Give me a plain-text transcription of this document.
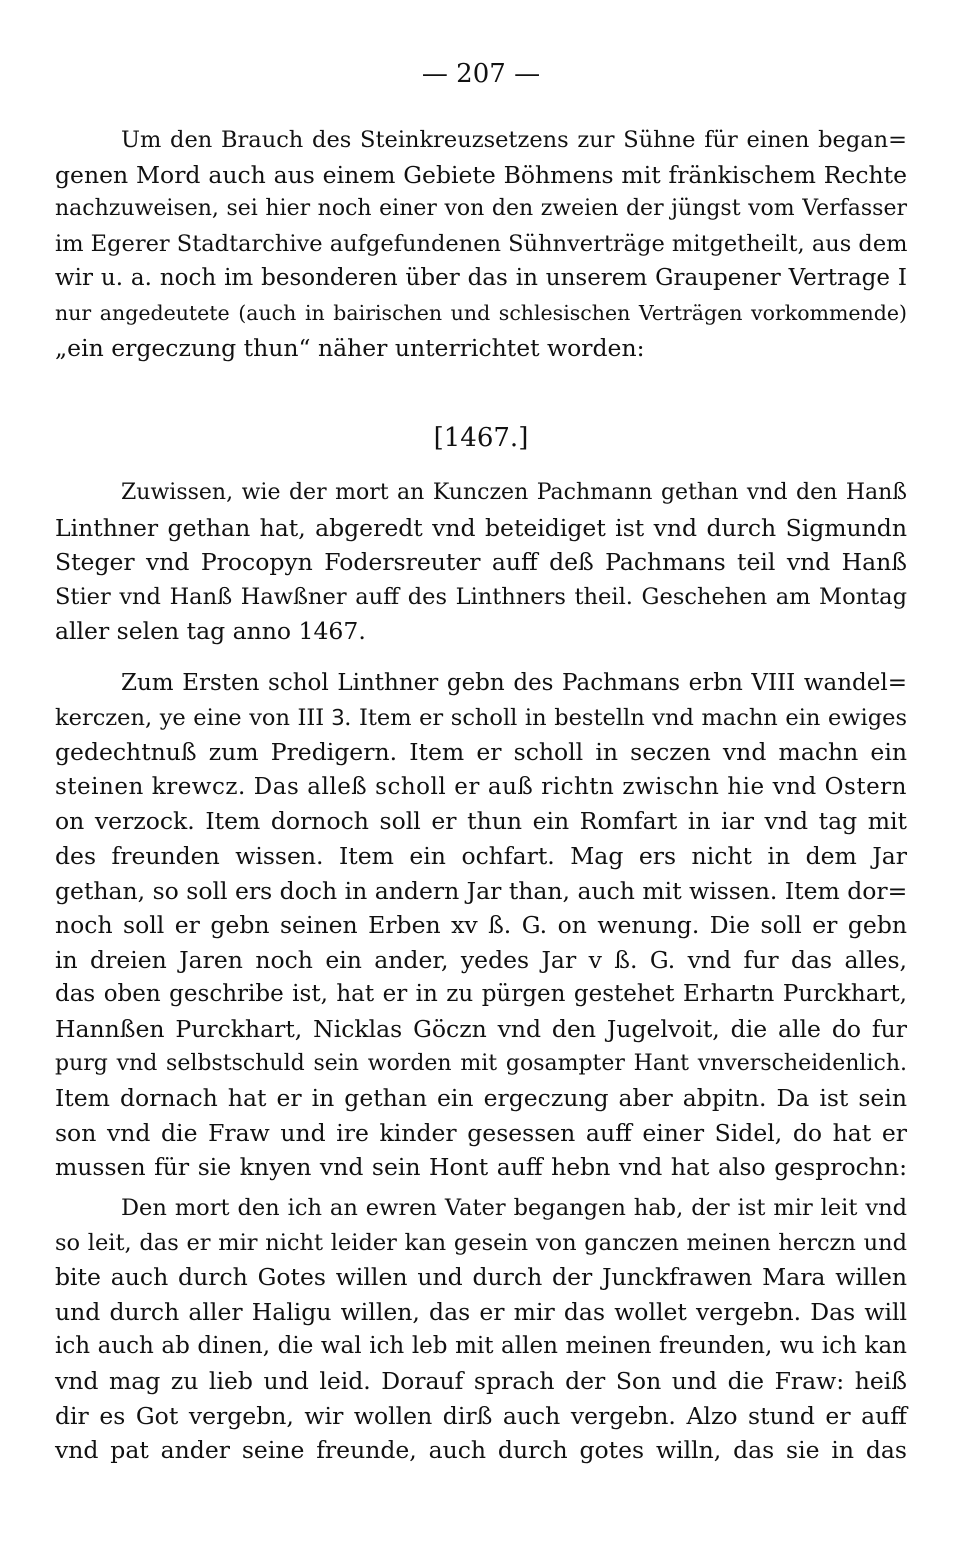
— 207 —
Um den Brauch des Steinkreuzsetzens zur Sühne für einen began=
genen Mord auch aus einem Gebiete Böhmens mit fränkischem Rechte
nachzuweisen, sei hier noch einer von den zweien der jüngst vom Verfasser
im Egerer Stadtarchive aufgefundenen Sühnverträge mitgetheilt, aus dem
wir u. a. noch im besonderen über das in unserem Graupener Vertrage I
nur angedeutete (auch in bairischen und schlesischen Verträgen vorkommende)
„ein ergeczung thun“ näher unterrichtet worden:
[1467.]
Zuwissen, wie der mort an Kunczen Pachmann gethan vnd den Hanß
Linthner gethan hat, abgeredt vnd beteidiget ist vnd durch Sigmundn
Steger vnd Procopyn Fodersreuter auff deß Pachmans teil vnd Hanß
Stier vnd Hanß Hawßner auff des Linthners theil. Geschehen am Montag
aller selen tag anno 1467.
Zum Ersten schol Linthner gebn des Pachmans erbn VIII wandel=
kerczen, ye eine von III Ꝫ. Item er scholl in bestelln vnd machn ein ewiges
gedechtnuß zum Predigern. Item er scholl in seczen vnd machn ein
steinen krewcz. Das alleß scholl er auß richtn zwischn hie vnd Ostern
on verzock. Item dornoch soll er thun ein Romfart in iar vnd tag mit
des freunden wissen. Item ein ochfart. Mag ers nicht in dem Jar
gethan, so soll ers doch in andern Jar than, auch mit wissen. Item dor=
noch soll er gebn seinen Erben xv ß. G. on wenung. Die soll er gebn
in dreien Jaren noch ein ander, yedes Jar v ß. G. vnd fur das alles,
das oben geschribe ist, hat er in zu pürgen gestehet Erhartn Purckhart,
Hannßen Purckhart, Nicklas Göczn vnd den Jugelvoit, die alle do fur
purg vnd selbstschuld sein worden mit gosampter Hant vnverscheidenlich.
Item dornach hat er in gethan ein ergeczung aber abpitn. Da ist sein
son vnd die Fraw und ire kinder gesessen auff einer Sidel, do hat er
mussen für sie knyen vnd sein Hont auff hebn vnd hat also gesprochn:
Den mort den ich an ewren Vater begangen hab, der ist mir leit vnd
so leit, das er mir nicht leider kan gesein von ganczen meinen herczn und
bite auch durch Gotes willen und durch der Junckfrawen Mara willen
und durch aller Haligu willen, das er mir das wollet vergebn. Das will
ich auch ab dinen, die wal ich leb mit allen meinen freunden, wu ich kan
vnd mag zu lieb und leid. Dorauf sprach der Son und die Fraw: heiß
dir es Got vergebn, wir wollen dirß auch vergebn. Alzo stund er auff
vnd pat ander seine freunde, auch durch gotes willn, das sie in das
